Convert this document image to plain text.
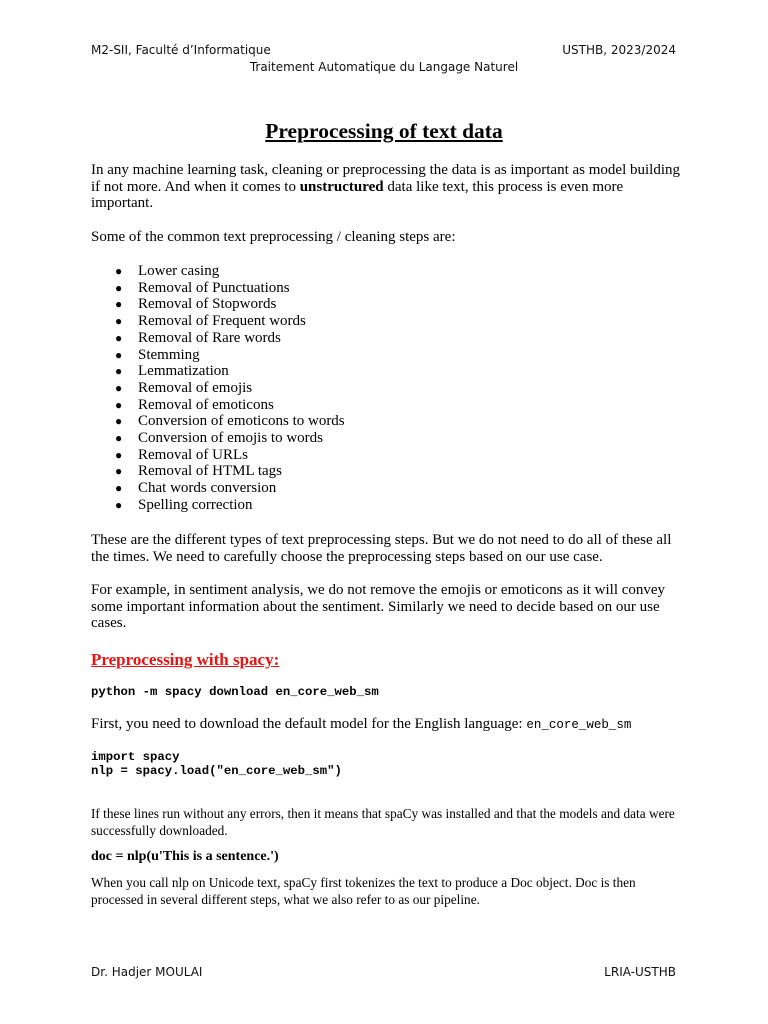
M2-SII, Faculté d’Informatique	USTHB, 2023/2024
Traitement Automatique du Langage Naturel
Preprocessing of text data

In any machine learning task, cleaning or preprocessing the data is as important as model building if not more. And when it comes to unstructured data like text, this process is even more important.

Some of the common text preprocessing / cleaning steps are:

● Lower casing
● Removal of Punctuations
● Removal of Stopwords
● Removal of Frequent words
● Removal of Rare words
● Stemming
● Lemmatization
● Removal of emojis
● Removal of emoticons
● Conversion of emoticons to words
● Conversion of emojis to words
● Removal of URLs
● Removal of HTML tags
● Chat words conversion
● Spelling correction

These are the different types of text preprocessing steps. But we do not need to do all of these all the times. We need to carefully choose the preprocessing steps based on our use case.

For example, in sentiment analysis, we do not remove the emojis or emoticons as it will convey some important information about the sentiment. Similarly we need to decide based on our use cases.

Preprocessing with spacy:
python -m spacy download en_core_web_sm

First, you need to download the default model for the English language: en_core_web_sm

import spacy
nlp = spacy.load("en_core_web_sm")

If these lines run without any errors, then it means that spaCy was installed and that the models and data were successfully downloaded.

doc = nlp(u'This is a sentence.')

When you call nlp on Unicode text, spaCy first tokenizes the text to produce a Doc object. Doc is then processed in several different steps, what we also refer to as our pipeline.

Dr. Hadjer MOULAI	LRIA-USTHB
